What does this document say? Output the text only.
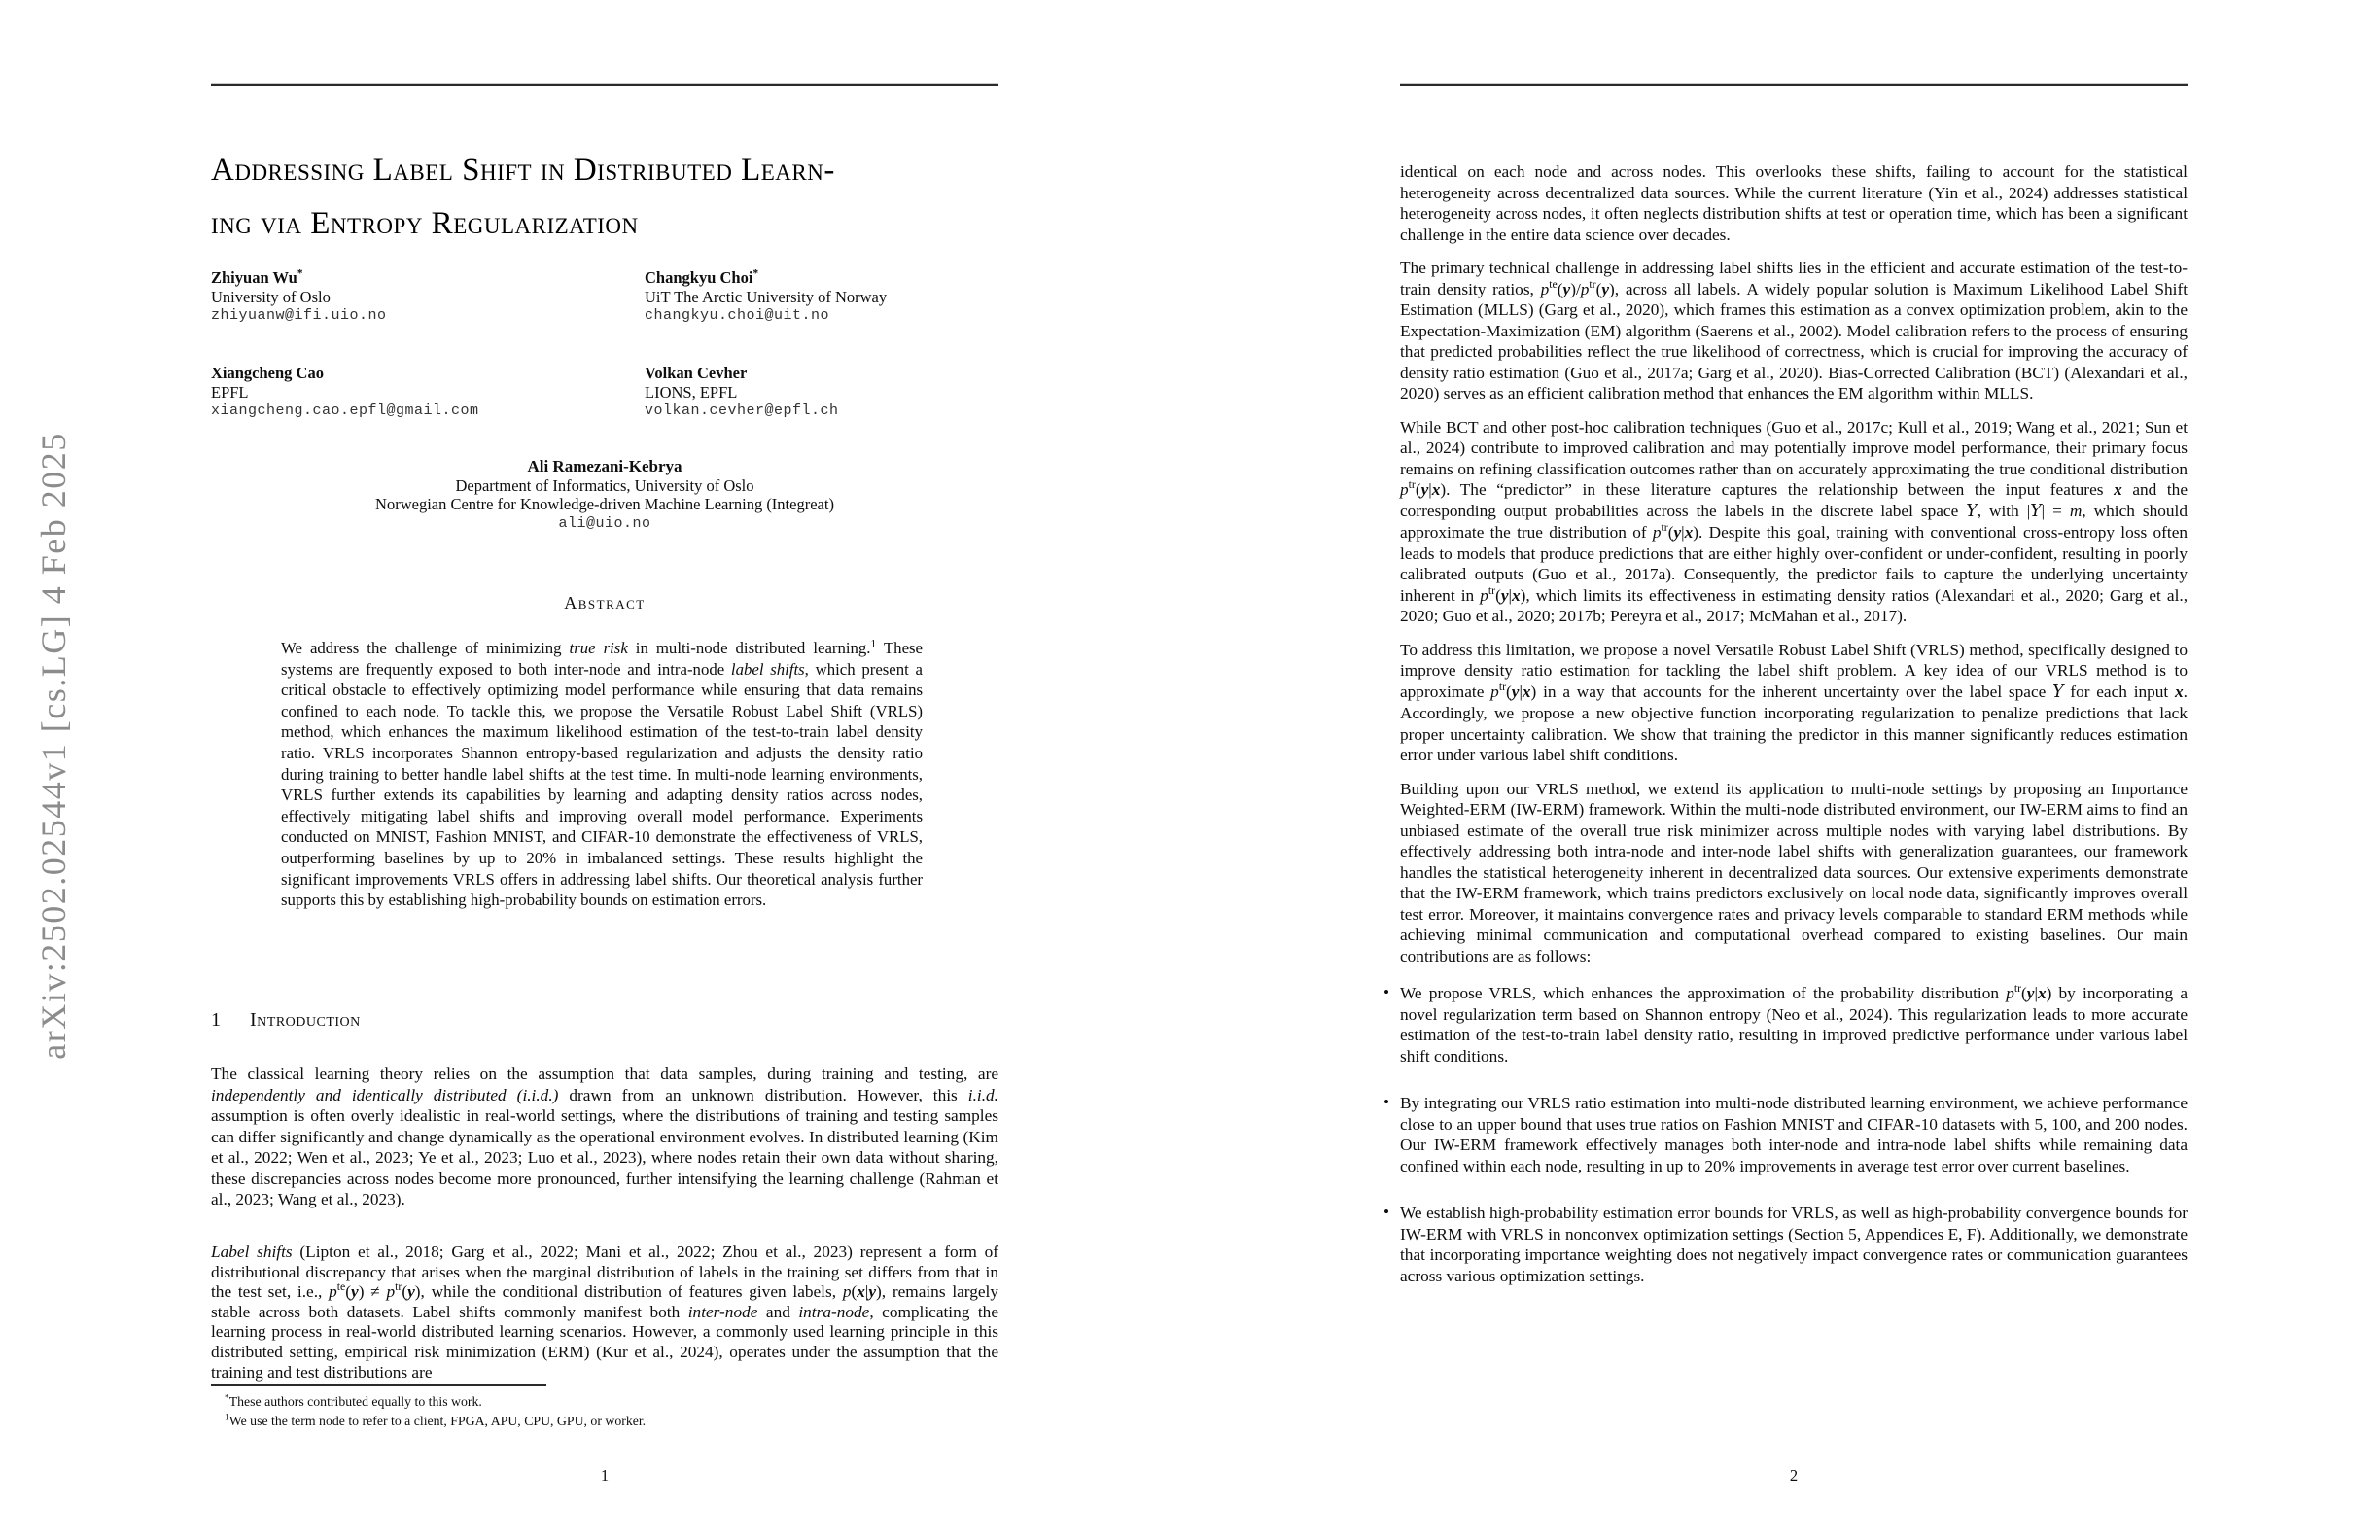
arXiv:2502.02544v1 [cs.LG] 4 Feb 2025
Addressing Label Shift in Distributed Learn-
ing via Entropy Regularization
Zhiyuan Wu*
University of Oslo
zhiyuanw@ifi.uio.no
Changkyu Choi*
UiT The Arctic University of Norway
changkyu.choi@uit.no
Xiangcheng Cao
EPFL
xiangcheng.cao.epfl@gmail.com
Volkan Cevher
LIONS, EPFL
volkan.cevher@epfl.ch
Ali Ramezani-Kebrya
Department of Informatics, University of Oslo
Norwegian Centre for Knowledge-driven Machine Learning (Integreat)
ali@uio.no
Abstract
We address the challenge of minimizing true risk in multi-node distributed learning.$^1$ These systems are frequently exposed to both inter-node and intra-node label shifts, which present a critical obstacle to effectively optimizing model performance while ensuring that data remains confined to each node. To tackle this, we propose the Versatile Robust Label Shift (VRLS) method, which enhances the maximum likelihood estimation of the test-to-train label density ratio. VRLS incorporates Shannon entropy-based regularization and adjusts the density ratio during training to better handle label shifts at the test time. In multi-node learning environments, VRLS further extends its capabilities by learning and adapting density ratios across nodes, effectively mitigating label shifts and improving overall model performance. Experiments conducted on MNIST, Fashion MNIST, and CIFAR-10 demonstrate the effectiveness of VRLS, outperforming baselines by up to 20% in imbalanced settings. These results highlight the significant improvements VRLS offers in addressing label shifts. Our theoretical analysis further supports this by establishing high-probability bounds on estimation errors.
1 Introduction

The classical learning theory relies on the assumption that data samples, during training and testing, are independently and identically distributed (i.i.d.) drawn from an unknown distribution. However, this i.i.d. assumption is often overly idealistic in real-world settings, where the distributions of training and testing samples can differ significantly and change dynamically as the operational environment evolves. In distributed learning (Kim et al., 2022; Wen et al., 2023; Ye et al., 2023; Luo et al., 2023), where nodes retain their own data without sharing, these discrepancies across nodes become more pronounced, further intensifying the learning challenge (Rahman et al., 2023; Wang et al., 2023).

Label shifts (Lipton et al., 2018; Garg et al., 2022; Mani et al., 2022; Zhou et al., 2023) represent a form of distributional discrepancy that arises when the marginal distribution of labels in the training set differs from that in the test set, i.e., $p^{te}(y) \ne p^{tr}(y)$, while the conditional distribution of features given labels, p(x|y), remains largely stable across both datasets. Label shifts commonly manifest both inter-node and intra-node, complicating the learning process in real-world distributed learning scenarios. However, a commonly used learning principle in this distributed setting, empirical risk minimization (ERM) (Kur et al., 2024), operates under the assumption that the training and test distributions are

*These authors contributed equally to this work.
$^1$We use the term node to refer to a client, FPGA, APU, CPU, GPU, or worker.
1

identical on each node and across nodes. This overlooks these shifts, failing to account for the statistical heterogeneity across decentralized data sources. While the current literature (Yin et al., 2024) addresses statistical heterogeneity across nodes, it often neglects distribution shifts at test or operation time, which has been a significant challenge in the entire data science over decades.

The primary technical challenge in addressing label shifts lies in the efficient and accurate estimation of the test-to-train density ratios, $p^{te}(y)/p^{tr}(y)$, across all labels. A widely popular solution is Maximum Likelihood Label Shift Estimation (MLLS) (Garg et al., 2020), which frames this estimation as a convex optimization problem, akin to the Expectation-Maximization (EM) algorithm (Saerens et al., 2002). Model calibration refers to the process of ensuring that predicted probabilities reflect the true likelihood of correctness, which is crucial for improving the accuracy of density ratio estimation (Guo et al., 2017a; Garg et al., 2020). Bias-Corrected Calibration (BCT) (Alexandari et al., 2020) serves as an efficient calibration method that enhances the EM algorithm within MLLS.

While BCT and other post-hoc calibration techniques (Guo et al., 2017c; Kull et al., 2019; Wang et al., 2021; Sun et al., 2024) contribute to improved calibration and may potentially improve model performance, their primary focus remains on refining classification outcomes rather than on accurately approximating the true conditional distribution $p^{tr}(y|x)$. The “predictor” in these literature captures the relationship between the input features x and the corresponding output probabilities across the labels in the discrete label space Y, with |Y| = m, which should approximate the true distribution of $p^{tr}(y|x)$. Despite this goal, training with conventional cross-entropy loss often leads to models that produce predictions that are either highly over-confident or under-confident, resulting in poorly calibrated outputs (Guo et al., 2017a). Consequently, the predictor fails to capture the underlying uncertainty inherent in $p^{tr}(y|x)$, which limits its effectiveness in estimating density ratios (Alexandari et al., 2020; Garg et al., 2020; Guo et al., 2020; 2017b; Pereyra et al., 2017; McMahan et al., 2017).

To address this limitation, we propose a novel Versatile Robust Label Shift (VRLS) method, specifically designed to improve density ratio estimation for tackling the label shift problem. A key idea of our VRLS method is to approximate $p^{tr}(y|x)$ in a way that accounts for the inherent uncertainty over the label space Y for each input x. Accordingly, we propose a new objective function incorporating regularization to penalize predictions that lack proper uncertainty calibration. We show that training the predictor in this manner significantly reduces estimation error under various label shift conditions.

Building upon our VRLS method, we extend its application to multi-node settings by proposing an Importance Weighted-ERM (IW-ERM) framework. Within the multi-node distributed environment, our IW-ERM aims to find an unbiased estimate of the overall true risk minimizer across multiple nodes with varying label distributions. By effectively addressing both intra-node and inter-node label shifts with generalization guarantees, our framework handles the statistical heterogeneity inherent in decentralized data sources. Our extensive experiments demonstrate that the IW-ERM framework, which trains predictors exclusively on local node data, significantly improves overall test error. Moreover, it maintains convergence rates and privacy levels comparable to standard ERM methods while achieving minimal communication and computational overhead compared to existing baselines. Our main contributions are as follows:

• We propose VRLS, which enhances the approximation of the probability distribution $p^{tr}(y|x)$ by incorporating a novel regularization term based on Shannon entropy (Neo et al., 2024). This regularization leads to more accurate estimation of the test-to-train label density ratio, resulting in improved predictive performance under various label shift conditions.
• By integrating our VRLS ratio estimation into multi-node distributed learning environment, we achieve performance close to an upper bound that uses true ratios on Fashion MNIST and CIFAR-10 datasets with 5, 100, and 200 nodes. Our IW-ERM framework effectively manages both inter-node and intra-node label shifts while remaining data confined within each node, resulting in up to 20% improvements in average test error over current baselines.
• We establish high-probability estimation error bounds for VRLS, as well as high-probability convergence bounds for IW-ERM with VRLS in nonconvex optimization settings (Section 5, Appendices E, F). Additionally, we demonstrate that incorporating importance weighting does not negatively impact convergence rates or communication guarantees across various optimization settings.
2
